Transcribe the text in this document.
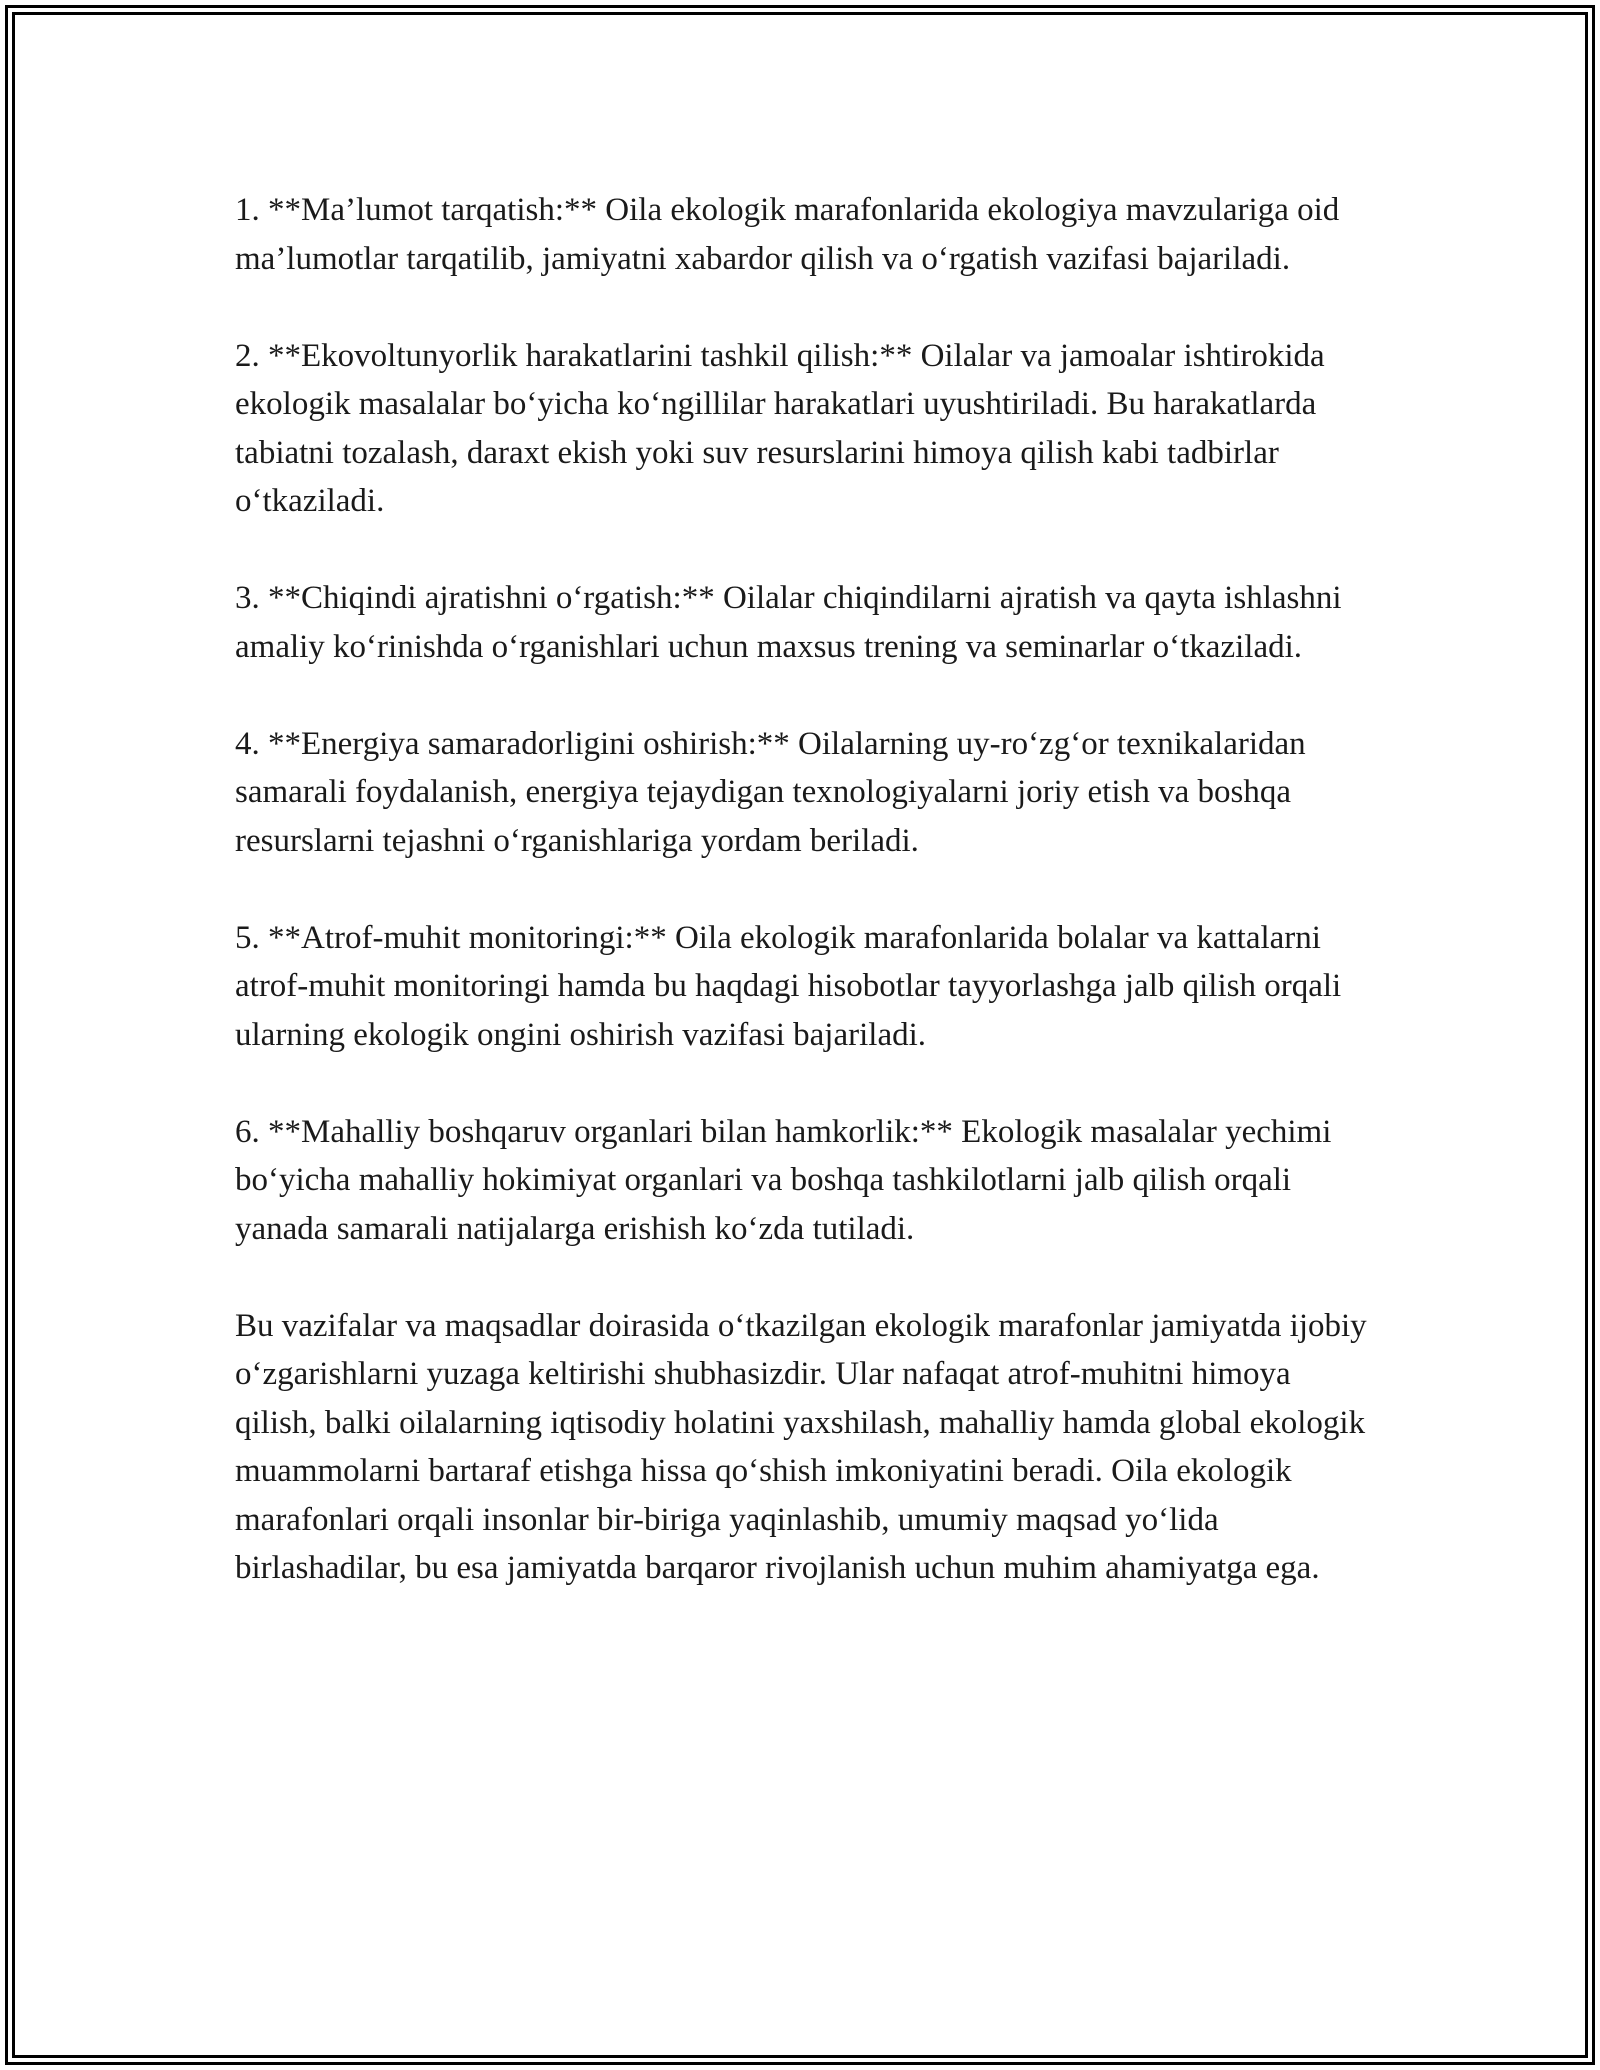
1. **Ma’lumot tarqatish:** Oila ekologik marafonlarida ekologiya mavzulariga oid ma’lumotlar tarqatilib, jamiyatni xabardor qilish va o‘rgatish vazifasi bajariladi.

2. **Ekovoltunyorlik harakatlarini tashkil qilish:** Oilalar va jamoalar ishtirokida ekologik masalalar bo‘yicha ko‘ngillilar harakatlari uyushtiriladi. Bu harakatlarda tabiatni tozalash, daraxt ekish yoki suv resurslarini himoya qilish kabi tadbirlar o‘tkaziladi.

3. **Chiqindi ajratishni o‘rgatish:** Oilalar chiqindilarni ajratish va qayta ishlashni amaliy ko‘rinishda o‘rganishlari uchun maxsus trening va seminarlar o‘tkaziladi.

4. **Energiya samaradorligini oshirish:** Oilalarning uy-ro‘zg‘or texnikalaridan samarali foydalanish, energiya tejaydigan texnologiyalarni joriy etish va boshqa resurslarni tejashni o‘rganishlariga yordam beriladi.

5. **Atrof-muhit monitoringi:** Oila ekologik marafonlarida bolalar va kattalarni atrof-muhit monitoringi hamda bu haqdagi hisobotlar tayyorlashga jalb qilish orqali ularning ekologik ongini oshirish vazifasi bajariladi.

6. **Mahalliy boshqaruv organlari bilan hamkorlik:** Ekologik masalalar yechimi bo‘yicha mahalliy hokimiyat organlari va boshqa tashkilotlarni jalb qilish orqali yanada samarali natijalarga erishish ko‘zda tutiladi.

Bu vazifalar va maqsadlar doirasida o‘tkazilgan ekologik marafonlar jamiyatda ijobiy o‘zgarishlarni yuzaga keltirishi shubhasizdir. Ular nafaqat atrof-muhitni himoya qilish, balki oilalarning iqtisodiy holatini yaxshilash, mahalliy hamda global ekologik muammolarni bartaraf etishga hissa qo‘shish imkoniyatini beradi. Oila ekologik marafonlari orqali insonlar bir-biriga yaqinlashib, umumiy maqsad yo‘lida birlashadilar, bu esa jamiyatda barqaror rivojlanish uchun muhim ahamiyatga ega.
